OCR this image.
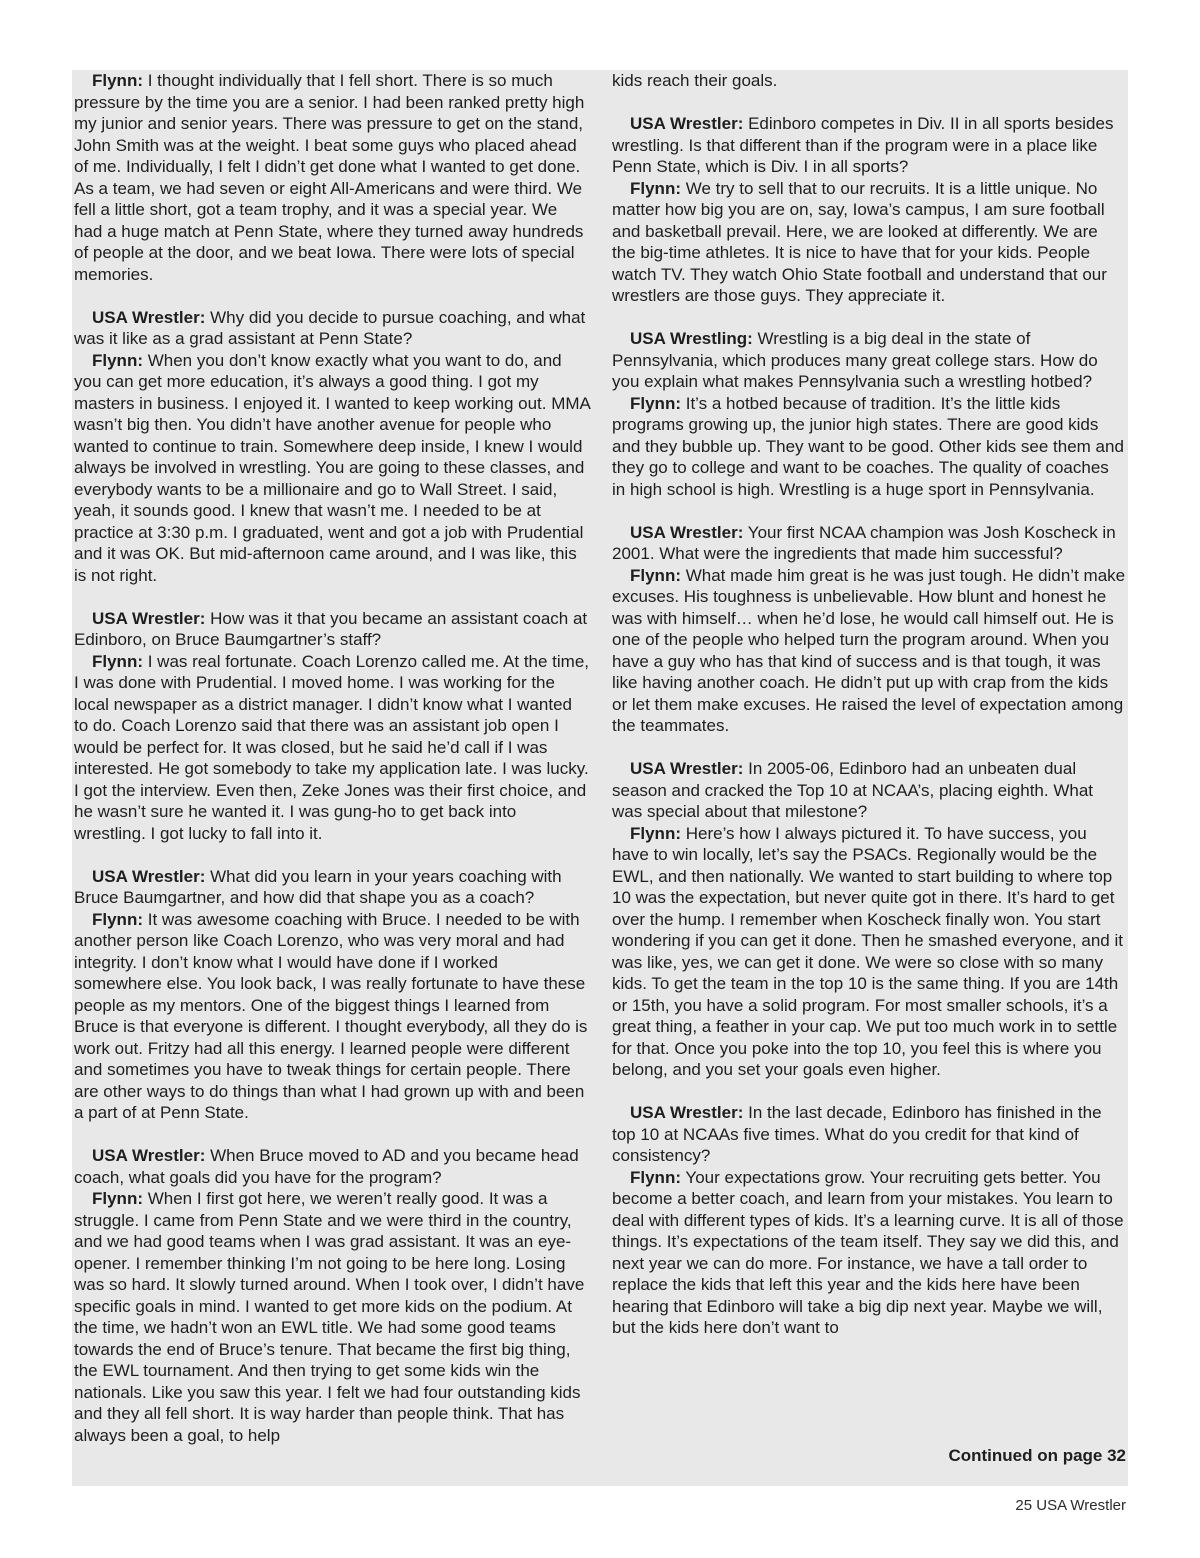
Flynn: I thought individually that I fell short. There is so much pressure by the time you are a senior. I had been ranked pretty high my junior and senior years. There was pressure to get on the stand, John Smith was at the weight. I beat some guys who placed ahead of me. Individually, I felt I didn’t get done what I wanted to get done. As a team, we had seven or eight All-Americans and were third. We fell a little short, got a team trophy, and it was a special year. We had a huge match at Penn State, where they turned away hundreds of people at the door, and we beat Iowa. There were lots of special memories.

USA Wrestler: Why did you decide to pursue coaching, and what was it like as a grad assistant at Penn State?

Flynn: When you don’t know exactly what you want to do, and you can get more education, it’s always a good thing. I got my masters in business. I enjoyed it. I wanted to keep working out. MMA wasn’t big then. You didn’t have another avenue for people who wanted to continue to train. Somewhere deep inside, I knew I would always be involved in wrestling. You are going to these classes, and everybody wants to be a millionaire and go to Wall Street. I said, yeah, it sounds good. I knew that wasn’t me. I needed to be at practice at 3:30 p.m. I graduated, went and got a job with Prudential and it was OK. But mid-afternoon came around, and I was like, this is not right.

USA Wrestler: How was it that you became an assistant coach at Edinboro, on Bruce Baumgartner’s staff?

Flynn: I was real fortunate. Coach Lorenzo called me. At the time, I was done with Prudential. I moved home. I was working for the local newspaper as a district manager. I didn’t know what I wanted to do. Coach Lorenzo said that there was an assistant job open I would be perfect for. It was closed, but he said he’d call if I was interested. He got somebody to take my application late. I was lucky. I got the interview. Even then, Zeke Jones was their first choice, and he wasn’t sure he wanted it. I was gung-ho to get back into wrestling. I got lucky to fall into it.

USA Wrestler: What did you learn in your years coaching with Bruce Baumgartner, and how did that shape you as a coach?

Flynn: It was awesome coaching with Bruce. I needed to be with another person like Coach Lorenzo, who was very moral and had integrity. I don’t know what I would have done if I worked somewhere else. You look back, I was really fortunate to have these people as my mentors. One of the biggest things I learned from Bruce is that everyone is different. I thought everybody, all they do is work out. Fritzy had all this energy. I learned people were different and sometimes you have to tweak things for certain people. There are other ways to do things than what I had grown up with and been a part of at Penn State.

USA Wrestler: When Bruce moved to AD and you became head coach, what goals did you have for the program?

Flynn: When I first got here, we weren’t really good. It was a struggle. I came from Penn State and we were third in the country, and we had good teams when I was grad assistant. It was an eye-opener. I remember thinking I’m not going to be here long. Losing was so hard. It slowly turned around. When I took over, I didn’t have specific goals in mind. I wanted to get more kids on the podium. At the time, we hadn’t won an EWL title. We had some good teams towards the end of Bruce’s tenure. That became the first big thing, the EWL tournament. And then trying to get some kids win the nationals. Like you saw this year. I felt we had four outstanding kids and they all fell short. It is way harder than people think. That has always been a goal, to help

kids reach their goals.

USA Wrestler: Edinboro competes in Div. II in all sports besides wrestling. Is that different than if the program were in a place like Penn State, which is Div. I in all sports?

Flynn: We try to sell that to our recruits. It is a little unique. No matter how big you are on, say, Iowa’s campus, I am sure football and basketball prevail. Here, we are looked at differently. We are the big-time athletes. It is nice to have that for your kids. People watch TV. They watch Ohio State football and understand that our wrestlers are those guys. They appreciate it.

USA Wrestling: Wrestling is a big deal in the state of Pennsylvania, which produces many great college stars. How do you explain what makes Pennsylvania such a wrestling hotbed?

Flynn: It’s a hotbed because of tradition. It’s the little kids programs growing up, the junior high states. There are good kids and they bubble up. They want to be good. Other kids see them and they go to college and want to be coaches. The quality of coaches in high school is high. Wrestling is a huge sport in Pennsylvania.

USA Wrestler: Your first NCAA champion was Josh Koscheck in 2001. What were the ingredients that made him successful?

Flynn: What made him great is he was just tough. He didn’t make excuses. His toughness is unbelievable. How blunt and honest he was with himself… when he’d lose, he would call himself out. He is one of the people who helped turn the program around. When you have a guy who has that kind of success and is that tough, it was like having another coach. He didn’t put up with crap from the kids or let them make excuses. He raised the level of expectation among the teammates.

USA Wrestler: In 2005-06, Edinboro had an unbeaten dual season and cracked the Top 10 at NCAA’s, placing eighth. What was special about that milestone?

Flynn: Here’s how I always pictured it. To have success, you have to win locally, let’s say the PSACs. Regionally would be the EWL, and then nationally. We wanted to start building to where top 10 was the expectation, but never quite got in there. It’s hard to get over the hump. I remember when Koscheck finally won. You start wondering if you can get it done. Then he smashed everyone, and it was like, yes, we can get it done. We were so close with so many kids. To get the team in the top 10 is the same thing. If you are 14th or 15th, you have a solid program. For most smaller schools, it’s a great thing, a feather in your cap. We put too much work in to settle for that. Once you poke into the top 10, you feel this is where you belong, and you set your goals even higher.

USA Wrestler: In the last decade, Edinboro has finished in the top 10 at NCAAs five times. What do you credit for that kind of consistency?

Flynn: Your expectations grow. Your recruiting gets better. You become a better coach, and learn from your mistakes. You learn to deal with different types of kids. It’s a learning curve. It is all of those things. It’s expectations of the team itself. They say we did this, and next year we can do more. For instance, we have a tall order to replace the kids that left this year and the kids here have been hearing that Edinboro will take a big dip next year. Maybe we will, but the kids here don’t want to

Continued on page 32
25 USA Wrestler
